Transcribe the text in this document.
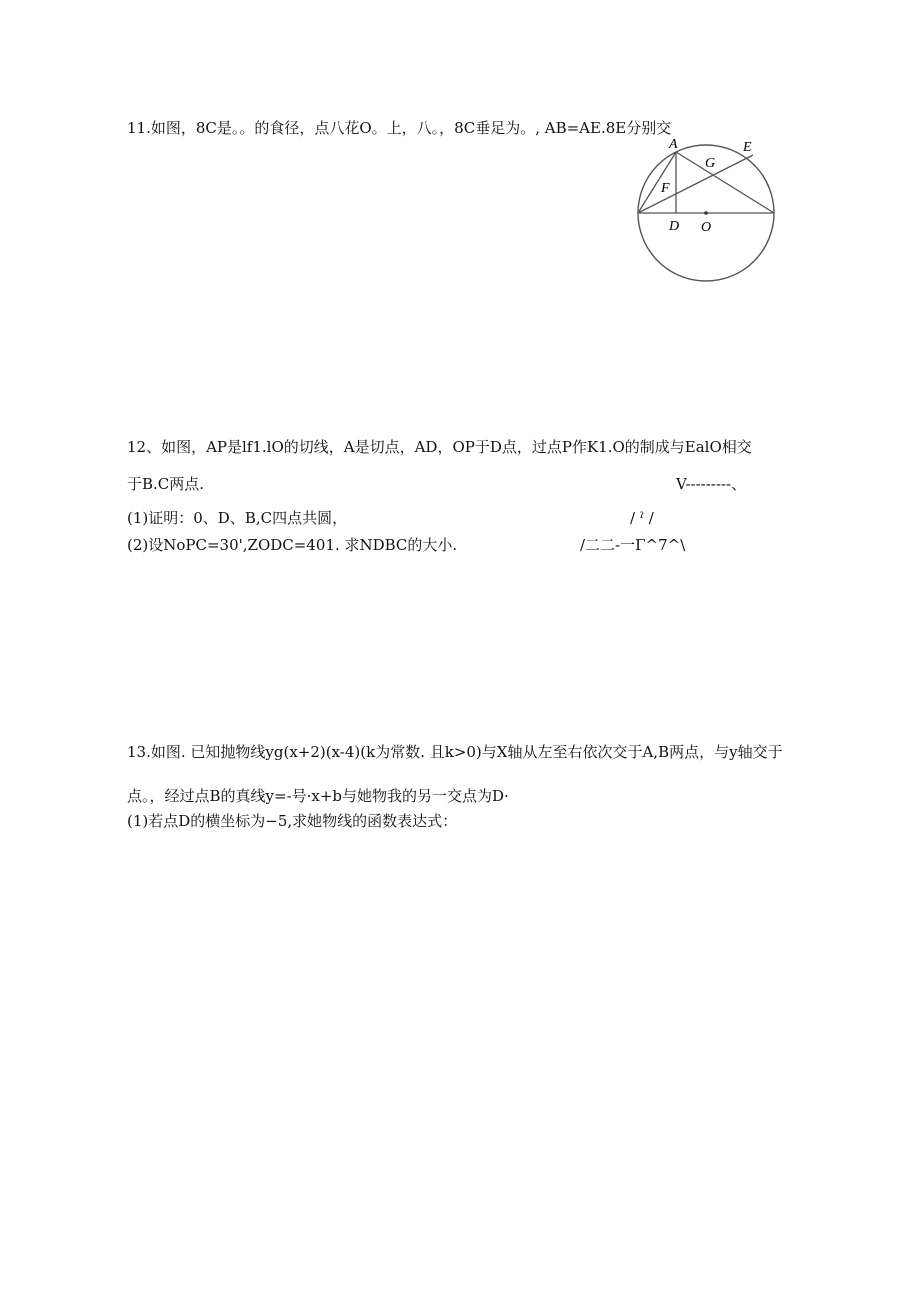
11.如图，8C是。。的食径，点八花O。上，八。，8C垂足为。, AB=AE.8E分别交
A	E
G
F
D O
12、如图，AP是lf1.lO的切线，A是切点，AD，OP于D点，过点P作K1.O的制成与EalO相交
于B.C两点.	V---------、
(1)证明：0、D、B,C四点共圆，	/ ˀ /
(2)设NoPC=30',ZODC=401. 求NDBC的大小.	/二二-一Γ^7^\
13.如图. 已知抛物线yg(x+2)(x-4)(k为常数. 且k>0)与X轴从左至右依次交于A,B两点，与y轴交于
点。，经过点B的真线y=-号·x+b与她物我的另一交点为D·
(1)若点D的横坐标为−5,求她物线的函数表达式：
